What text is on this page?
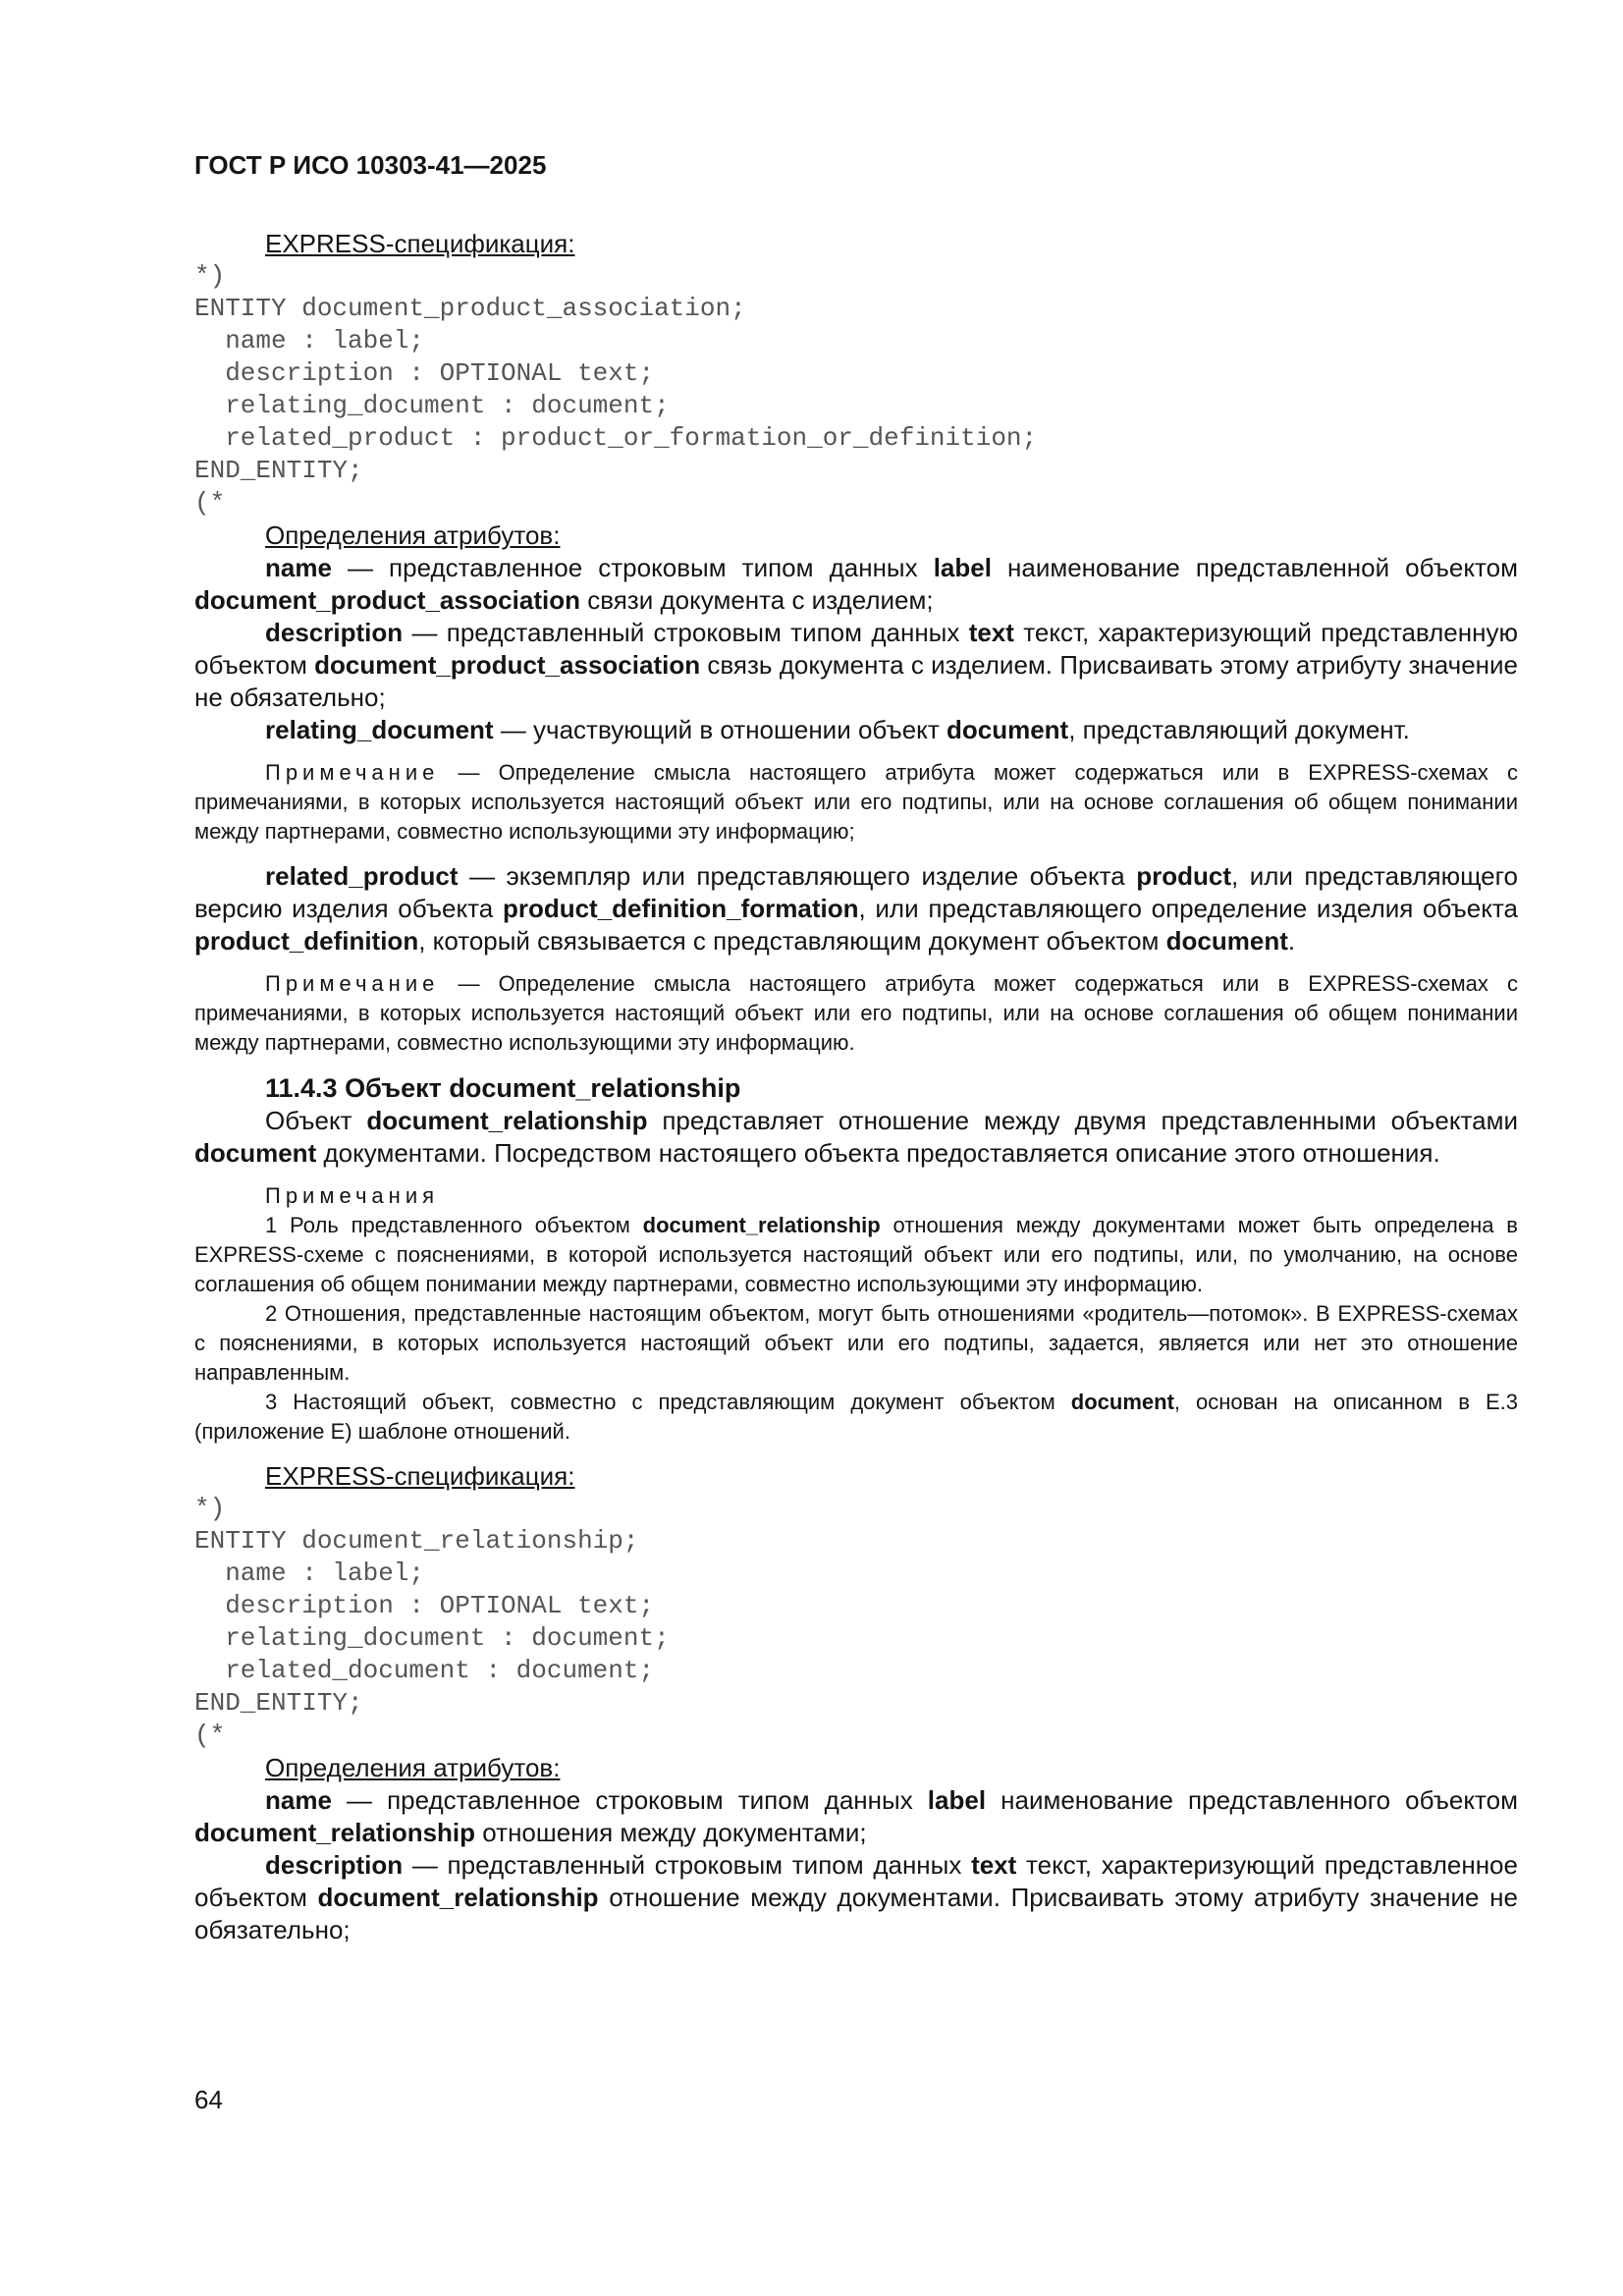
ГОСТ Р ИСО 10303-41—2025
EXPRESS-спецификация:
*)
ENTITY document_product_association;
name : label;
description : OPTIONAL text;
relating_document : document;
related_product : product_or_formation_or_definition;
END_ENTITY;
(*
Определения атрибутов:

name — представленное строковым типом данных label наименование представленной объектом document_product_association связи документа с изделием;

description — представленный строковым типом данных text текст, характеризующий представленную объектом document_product_association связь документа с изделием. Присваивать этому атрибуту значение не обязательно;

relating_document — участвующий в отношении объект document, представляющий документ.

Примечание — Определение смысла настоящего атрибута может содержаться или в EXPRESS-схемах с примечаниями, в которых используется настоящий объект или его подтипы, или на основе соглашения об общем понимании между партнерами, совместно использующими эту информацию;

related_product — экземпляр или представляющего изделие объекта product, или представляющего версию изделия объекта product_definition_formation, или представляющего определение изделия объекта product_definition, который связывается с представляющим документ объектом document.

Примечание — Определение смысла настоящего атрибута может содержаться или в EXPRESS-схемах с примечаниями, в которых используется настоящий объект или его подтипы, или на основе соглашения об общем понимании между партнерами, совместно использующими эту информацию.

11.4.3 Объект document_relationship

Объект document_relationship представляет отношение между двумя представленными объектами document документами. Посредством настоящего объекта предоставляется описание этого отношения.

Примечания

1 Роль представленного объектом document_relationship отношения между документами может быть определена в EXPRESS-схеме с пояснениями, в которой используется настоящий объект или его подтипы, или, по умолчанию, на основе соглашения об общем понимании между партнерами, совместно использующими эту информацию.

2 Отношения, представленные настоящим объектом, могут быть отношениями «родитель—потомок». В EXPRESS-схемах с пояснениями, в которых используется настоящий объект или его подтипы, задается, является или нет это отношение направленным.

3 Настоящий объект, совместно с представляющим документ объектом document, основан на описанном в Е.3 (приложение Е) шаблоне отношений.

EXPRESS-спецификация:
*)
ENTITY document_relationship;
name : label;
description : OPTIONAL text;
relating_document : document;
related_document : document;
END_ENTITY;
(*
Определения атрибутов:

name — представленное строковым типом данных label наименование представленного объектом document_relationship отношения между документами;

description — представленный строковым типом данных text текст, характеризующий представленное объектом document_relationship отношение между документами. Присваивать этому атрибуту значение не обязательно;

64
